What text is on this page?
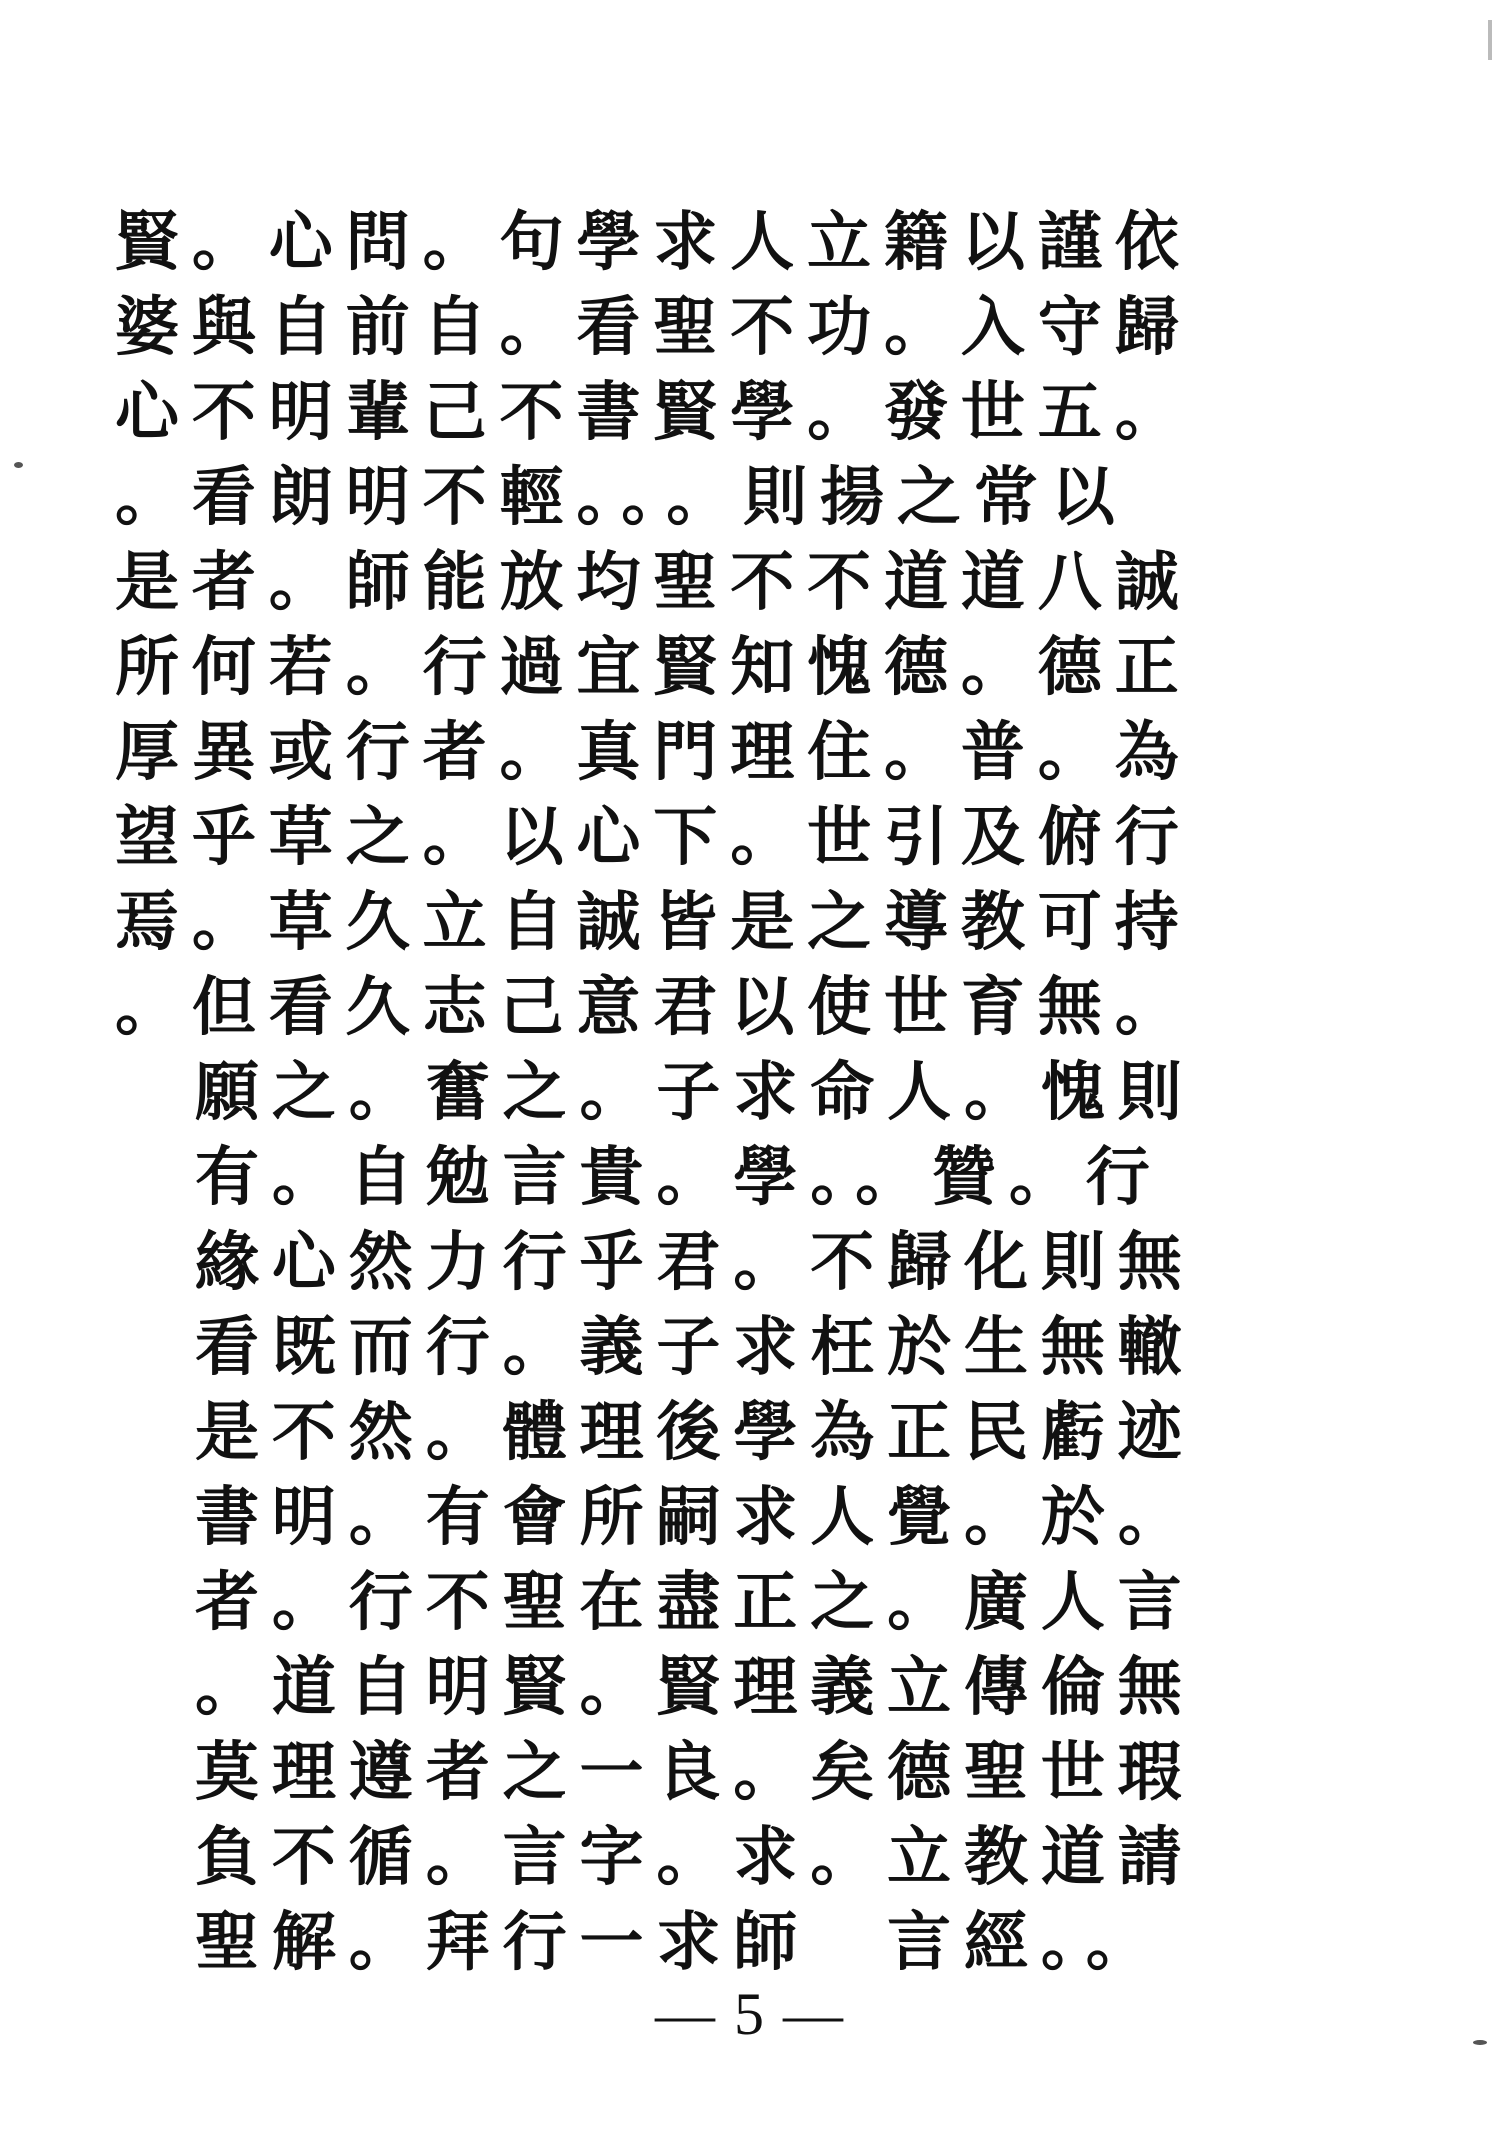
賢。心問。句學求人立籍以謹依
婆與自前自。看聖不功。入守歸
心不明輩己不書賢學。發世五。
。看朗明不輕。。。則揚之常以
是者。師能放均聖不不道道八誠
所何若。行過宜賢知愧德。德正
厚異或行者。真門理住。普。為
望乎草之。以心下。世引及俯行
焉。草久立自誠皆是之導教可持
。但看久志己意君以使世育無。
願之。奮之。子求命人。愧則
有。自勉言貴。學。。贊。行
緣心然力行乎君。不歸化則無
看既而行。義子求枉於生無轍
是不然。體理後學為正民虧迹
書明。有會所嗣求人覺。於。
者。行不聖在盡正之。廣人言
。道自明賢。賢理義立傳倫無
莫理遵者之一良。矣德聖世瑕
負不循。言字。求。立教道請
聖解。拜行一求師　言經。。
— 5 —
